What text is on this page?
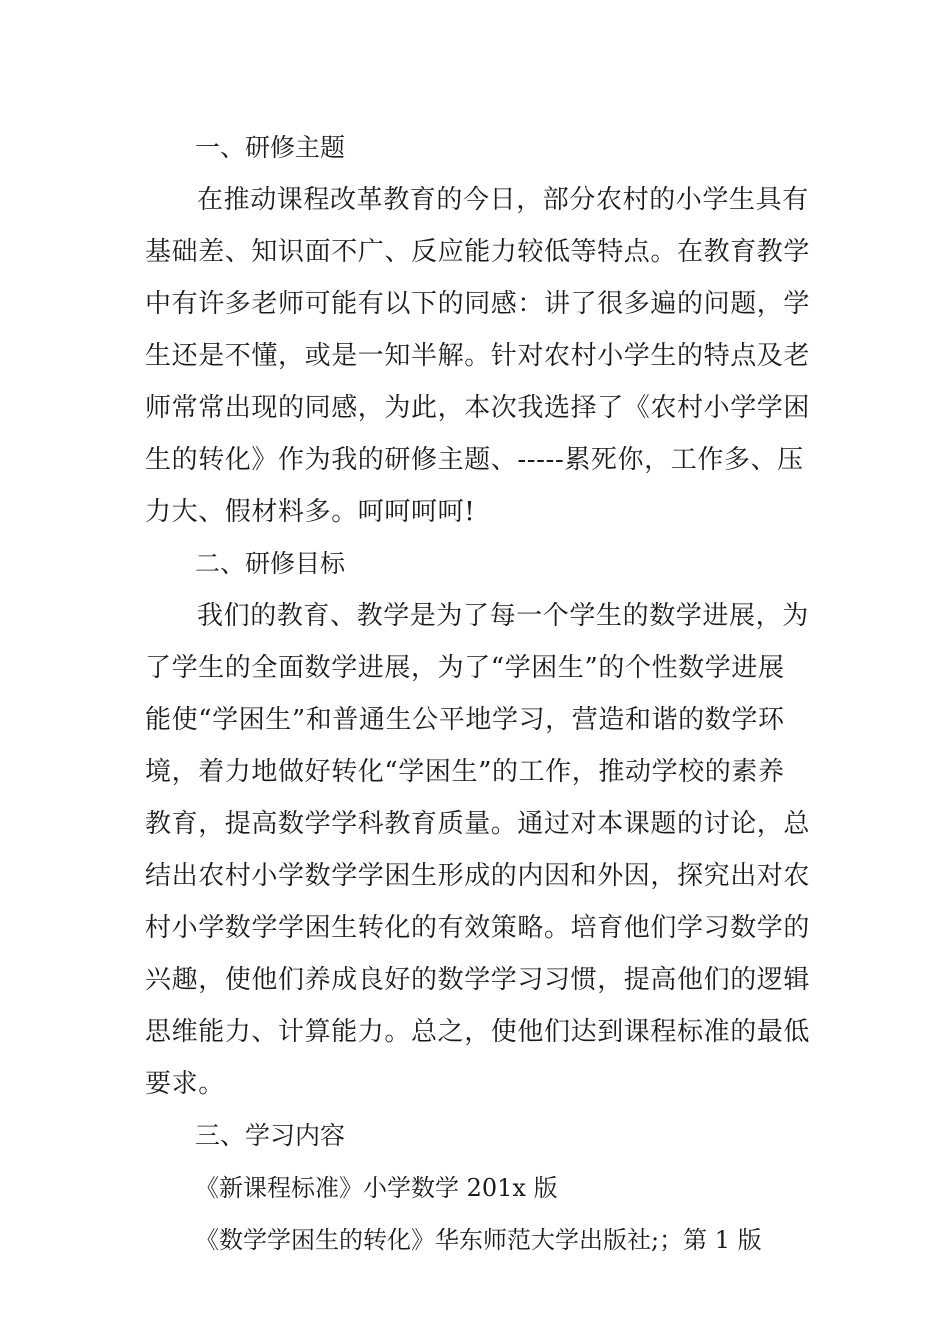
一、研修主题

在推动课程改革教育的今日，部分农村的小学生具有
基础差、知识面不广、反应能力较低等特点。在教育教学
中有许多老师可能有以下的同感：讲了很多遍的问题，学
生还是不懂，或是一知半解。针对农村小学生的特点及老
师常常出现的同感，为此，本次我选择了《农村小学学困
生的转化》作为我的研修主题、-----累死你，工作多、压
力大、假材料多。呵呵呵呵!

二、研修目标

我们的教育、教学是为了每一个学生的数学进展，为
了学生的全面数学进展，为了“学困生”的个性数学进展
能使“学困生”和普通生公平地学习，营造和谐的数学环
境，着力地做好转化“学困生”的工作，推动学校的素养
教育，提高数学学科教育质量。通过对本课题的讨论，总
结出农村小学数学学困生形成的内因和外因，探究出对农
村小学数学学困生转化的有效策略。培育他们学习数学的
兴趣，使他们养成良好的数学学习习惯，提高他们的逻辑
思维能力、计算能力。总之，使他们达到课程标准的最低
要求。

三、学习内容

《新课程标准》小学数学 201x 版

《数学学困生的转化》华东师范大学出版社;；第 1 版
